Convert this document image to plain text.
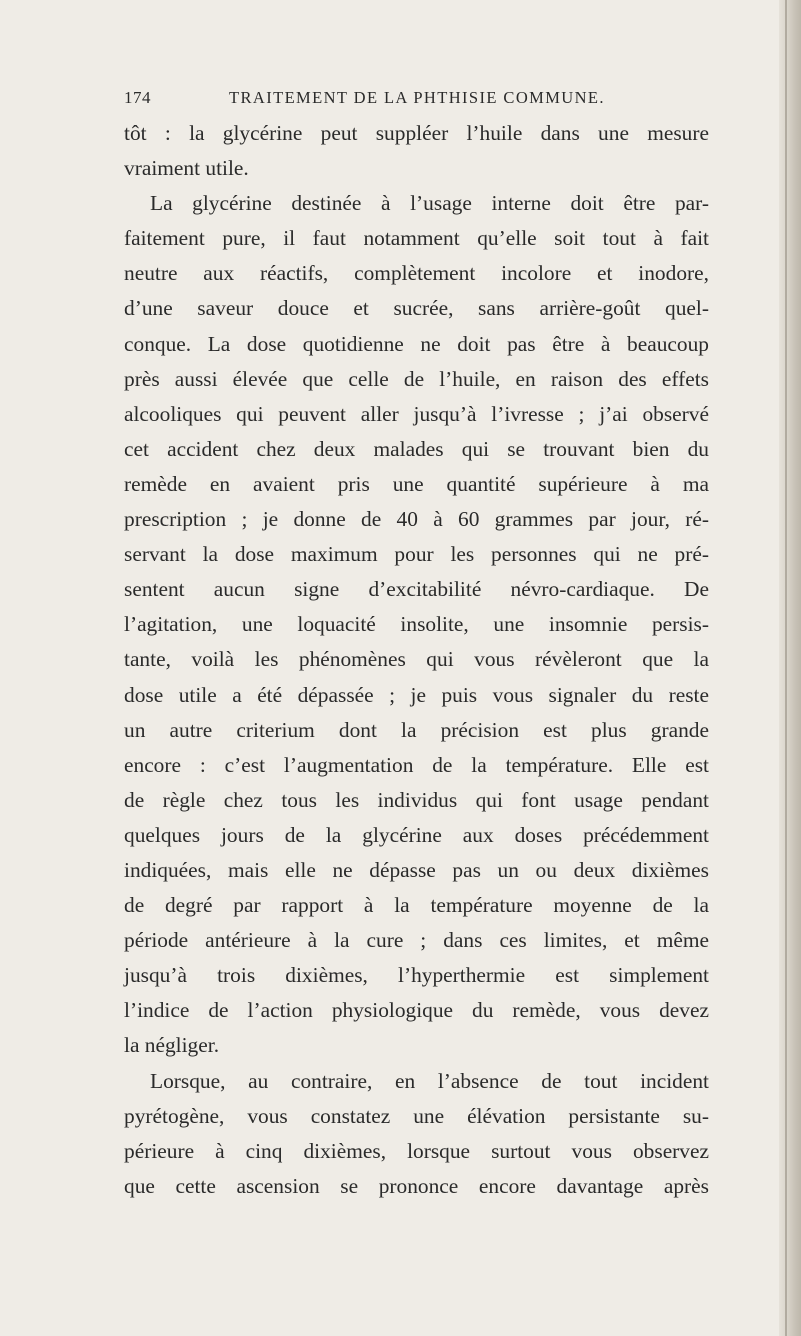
174	TRAITEMENT DE LA PHTHISIE COMMUNE.
tôt : la glycérine peut suppléer l’huile dans une mesure
vraiment utile.
La glycérine destinée à l’usage interne doit être par-
faitement pure, il faut notamment qu’elle soit tout à fait
neutre aux réactifs, complètement incolore et inodore,
d’une saveur douce et sucrée, sans arrière-goût quel-
conque. La dose quotidienne ne doit pas être à beaucoup
près aussi élevée que celle de l’huile, en raison des effets
alcooliques qui peuvent aller jusqu’à l’ivresse ; j’ai observé
cet accident chez deux malades qui se trouvant bien du
remède en avaient pris une quantité supérieure à ma
prescription ; je donne de 40 à 60 grammes par jour, ré-
servant la dose maximum pour les personnes qui ne pré-
sentent aucun signe d’excitabilité névro-cardiaque. De
l’agitation, une loquacité insolite, une insomnie persis-
tante, voilà les phénomènes qui vous révèleront que la
dose utile a été dépassée ; je puis vous signaler du reste
un autre criterium dont la précision est plus grande
encore : c’est l’augmentation de la température. Elle est
de règle chez tous les individus qui font usage pendant
quelques jours de la glycérine aux doses précédemment
indiquées, mais elle ne dépasse pas un ou deux dixièmes
de degré par rapport à la température moyenne de la
période antérieure à la cure ; dans ces limites, et même
jusqu’à trois dixièmes, l’hyperthermie est simplement
l’indice de l’action physiologique du remède, vous devez
la négliger.
Lorsque, au contraire, en l’absence de tout incident
pyrétogène, vous constatez une élévation persistante su-
périeure à cinq dixièmes, lorsque surtout vous observez
que cette ascension se prononce encore davantage après
